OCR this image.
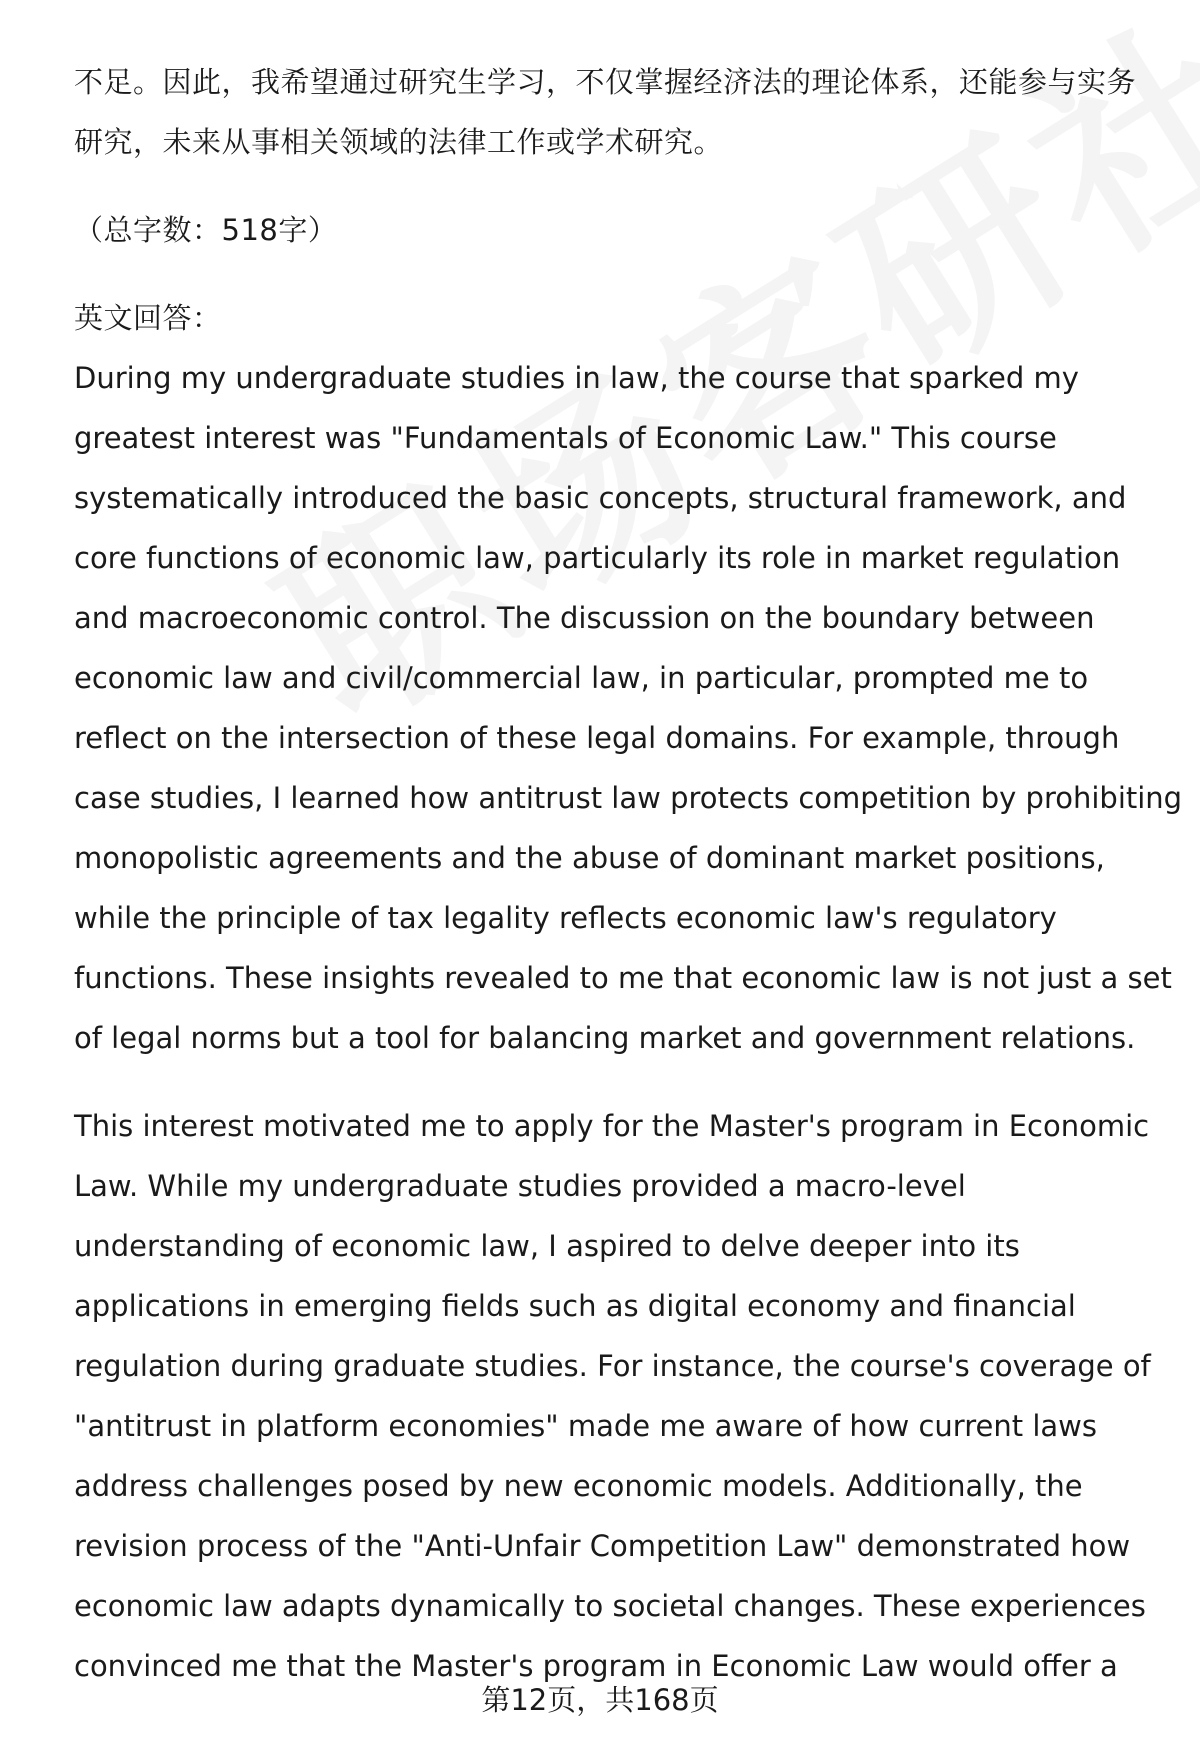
不足。因此，我希望通过研究生学习，不仅掌握经济法的理论体系，还能参与实务
研究，未来从事相关领域的法律工作或学术研究。

（总字数：518字）

英文回答：

During my undergraduate studies in law, the course that sparked my
greatest interest was "Fundamentals of Economic Law." This course
systematically introduced the basic concepts, structural framework, and
core functions of economic law, particularly its role in market regulation
and macroeconomic control. The discussion on the boundary between
economic law and civil/commercial law, in particular, prompted me to
reflect on the intersection of these legal domains. For example, through
case studies, I learned how antitrust law protects competition by prohibiting
monopolistic agreements and the abuse of dominant market positions,
while the principle of tax legality reflects economic law's regulatory
functions. These insights revealed to me that economic law is not just a set
of legal norms but a tool for balancing market and government relations.

This interest motivated me to apply for the Master's program in Economic
Law. While my undergraduate studies provided a macro-level
understanding of economic law, I aspired to delve deeper into its
applications in emerging fields such as digital economy and financial
regulation during graduate studies. For instance, the course's coverage of
"antitrust in platform economies" made me aware of how current laws
address challenges posed by new economic models. Additionally, the
revision process of the "Anti-Unfair Competition Law" demonstrated how
economic law adapts dynamically to societal changes. These experiences
convinced me that the Master's program in Economic Law would offer a

第12页，共168页
